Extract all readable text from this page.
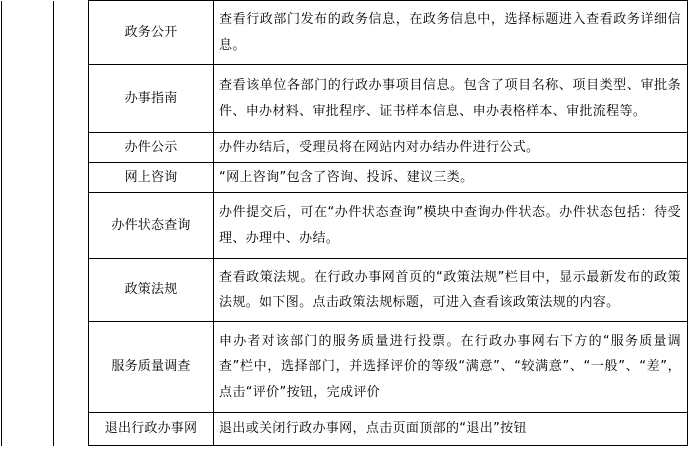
		政务公开	查看行政部门发布的政务信息，在政务信息中，选择标题进入查看政务详细信息。
		办事指南	查看该单位各部门的行政办事项目信息。包含了项目名称、项目类型、审批条件、申办材料、审批程序、证书样本信息、申办表格样本、审批流程等。
		办件公示	办件办结后，受理员将在网站内对办结办件进行公式。
		网上咨询	“网上咨询”包含了咨询、投诉、建议三类。
		办件状态查询	办件提交后，可在“办件状态查询”模块中查询办件状态。办件状态包括：待受理、办理中、办结。
		政策法规	查看政策法规。在行政办事网首页的“政策法规”栏目中，显示最新发布的政策法规。如下图。点击政策法规标题，可进入查看该政策法规的内容。
		服务质量调查	申办者对该部门的服务质量进行投票。在行政办事网右下方的“服务质量调查”栏中，选择部门，并选择评价的等级“满意”、“较满意”、“一般”、“差”，点击“评价”按钮，完成评价
		退出行政办事网	退出或关闭行政办事网，点击页面顶部的“退出”按钮
